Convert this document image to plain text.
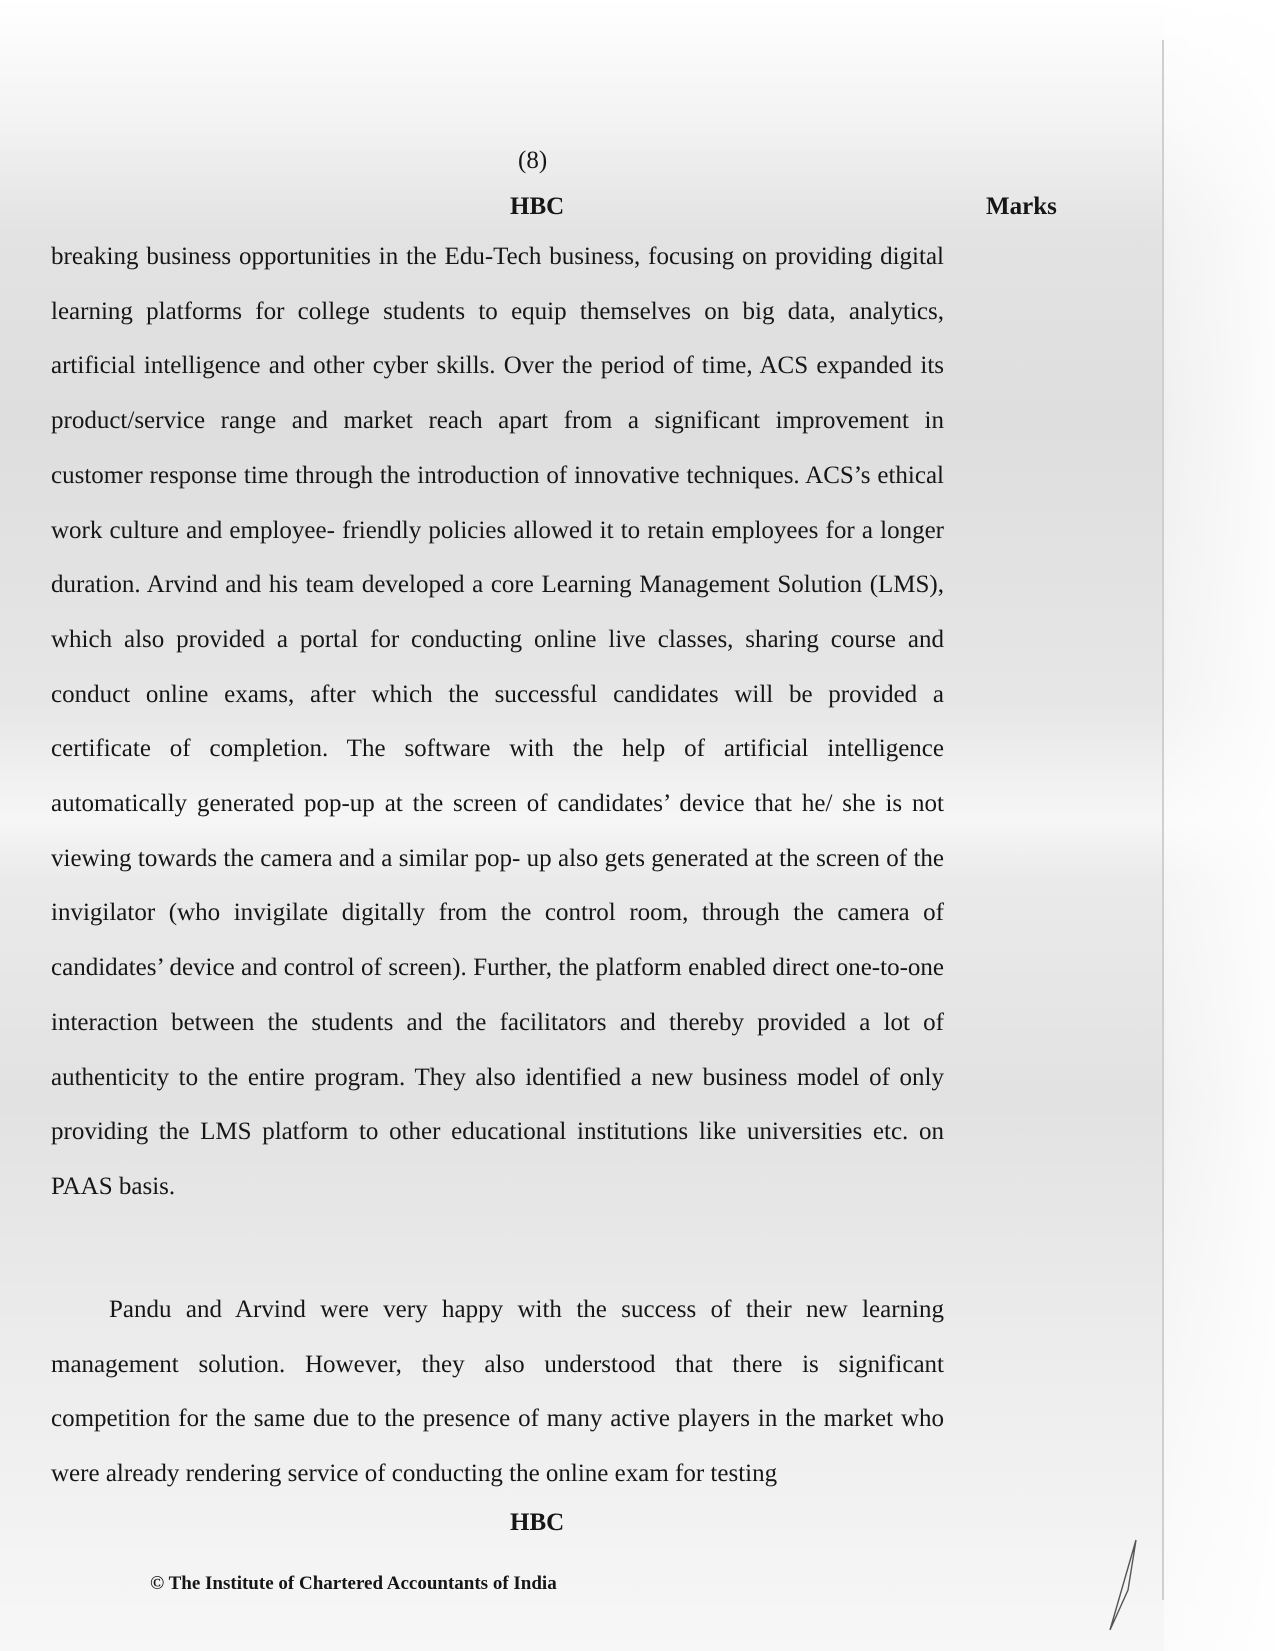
(8)
HBC	Marks

breaking business opportunities in the Edu-Tech business, focusing on providing digital learning platforms for college students to equip themselves on big data, analytics, artificial intelligence and other cyber skills. Over the period of time, ACS expanded its product/service range and market reach apart from a significant improvement in customer response time through the introduction of innovative techniques. ACS’s ethical work culture and employee- friendly policies allowed it to retain employees for a longer duration. Arvind and his team developed a core Learning Management Solution (LMS), which also provided a portal for conducting online live classes, sharing course and conduct online exams, after which the successful candidates will be provided a certificate of completion. The software with the help of artificial intelligence automatically generated pop-up at the screen of candidates’ device that he/ she is not viewing towards the camera and a similar pop- up also gets generated at the screen of the invigilator (who invigilate digitally from the control room, through the camera of candidates’ device and control of screen). Further, the platform enabled direct one-to-one interaction between the students and the facilitators and thereby provided a lot of authenticity to the entire program. They also identified a new business model of only providing the LMS platform to other educational institutions like universities etc. on PAAS basis.

Pandu and Arvind were very happy with the success of their new learning management solution. However, they also understood that there is significant competition for the same due to the presence of many active players in the market who were already rendering service of conducting the online exam for testing

HBC
© The Institute of Chartered Accountants of India
